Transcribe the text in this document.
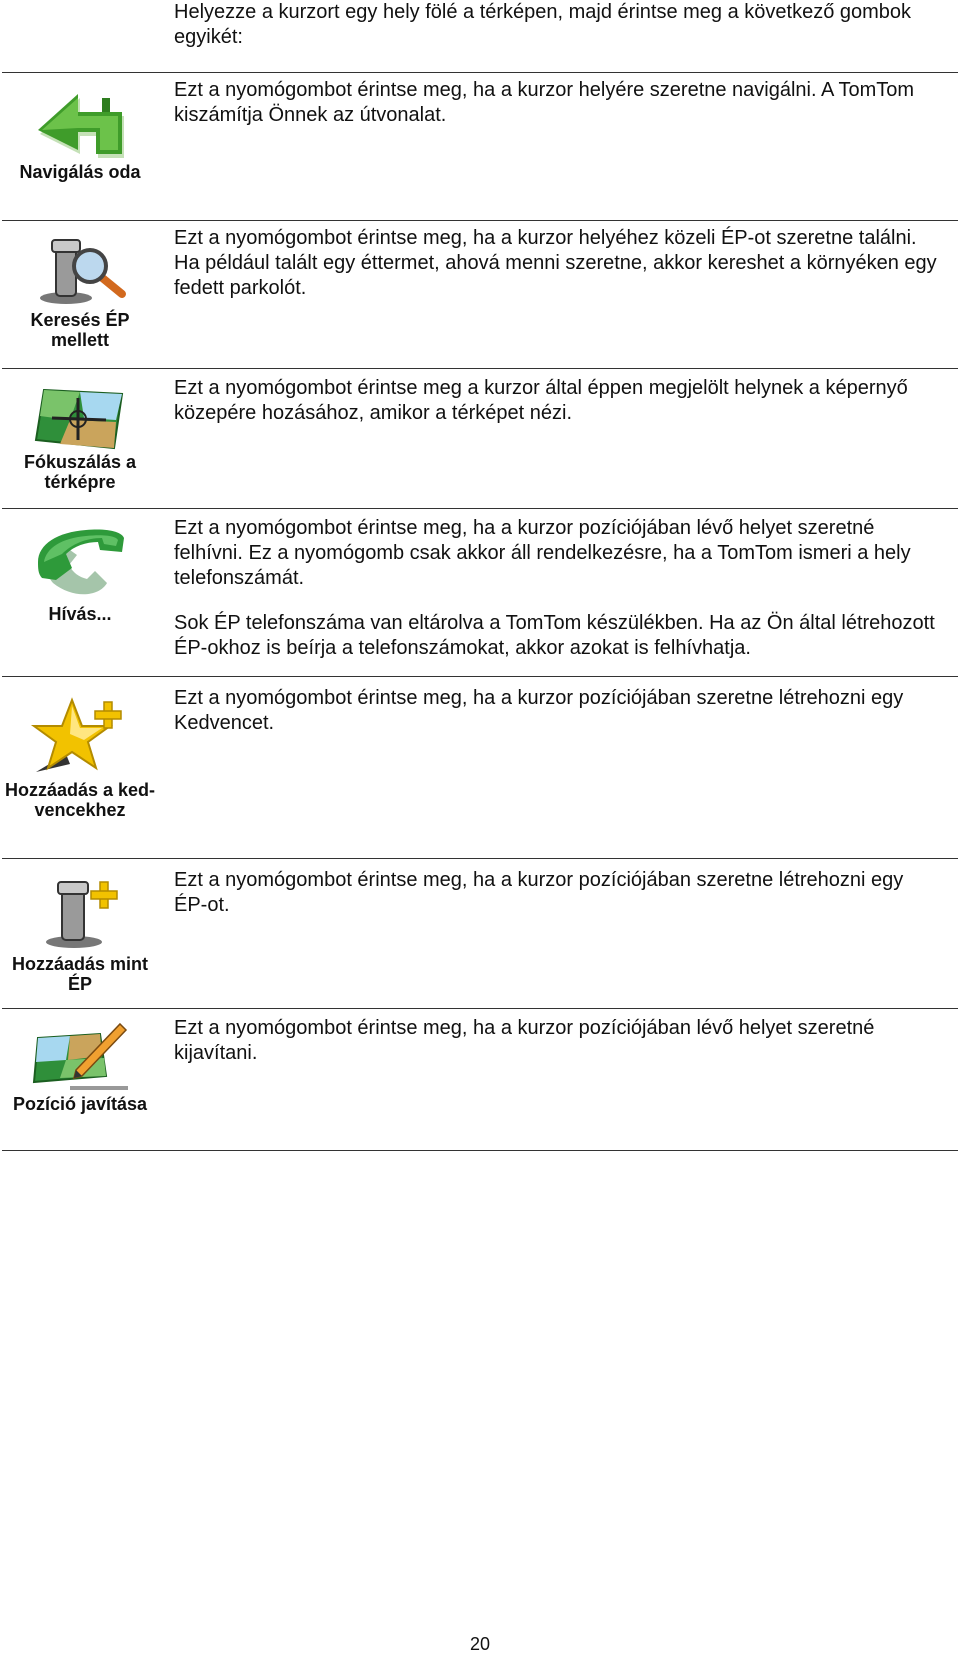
Helyezze a kurzort egy hely fölé a térképen, majd érintse meg a következő gombok egyikét:
Navigálás oda

Ezt a nyomógombot érintse meg, ha a kurzor helyére szeretne navigálni. A TomTom kiszámítja Önnek az útvonalat.

Keresés ÉP mellett

Ezt a nyomógombot érintse meg, ha a kurzor helyéhez közeli ÉP-ot szeretne találni. Ha például talált egy éttermet, ahová menni szeretne, akkor kereshet a környéken egy fedett parkolót.

Fókuszálás a térképre

Ezt a nyomógombot érintse meg a kurzor által éppen megjelölt helynek a képernyő közepére hozásához, amikor a térképet nézi.

Hívás...

Ezt a nyomógombot érintse meg, ha a kurzor pozíciójában lévő helyet szeretné felhívni. Ez a nyomógomb csak akkor áll rendelkezésre, ha a TomTom ismeri a hely telefonszámát.

Sok ÉP telefonszáma van eltárolva a TomTom készülékben. Ha az Ön által létrehozott ÉP-okhoz is beírja a telefonszámokat, akkor azokat is felhívhatja.

Hozzáadás a ked- vencekhez

Ezt a nyomógombot érintse meg, ha a kurzor pozíciójában szeretne létrehozni egy Kedvencet.

Hozzáadás mint ÉP

Ezt a nyomógombot érintse meg, ha a kurzor pozíciójában szeretne létrehozni egy ÉP-ot.

Pozíció javítása

Ezt a nyomógombot érintse meg, ha a kurzor pozíciójában lévő helyet szeretné kijavítani.

20
